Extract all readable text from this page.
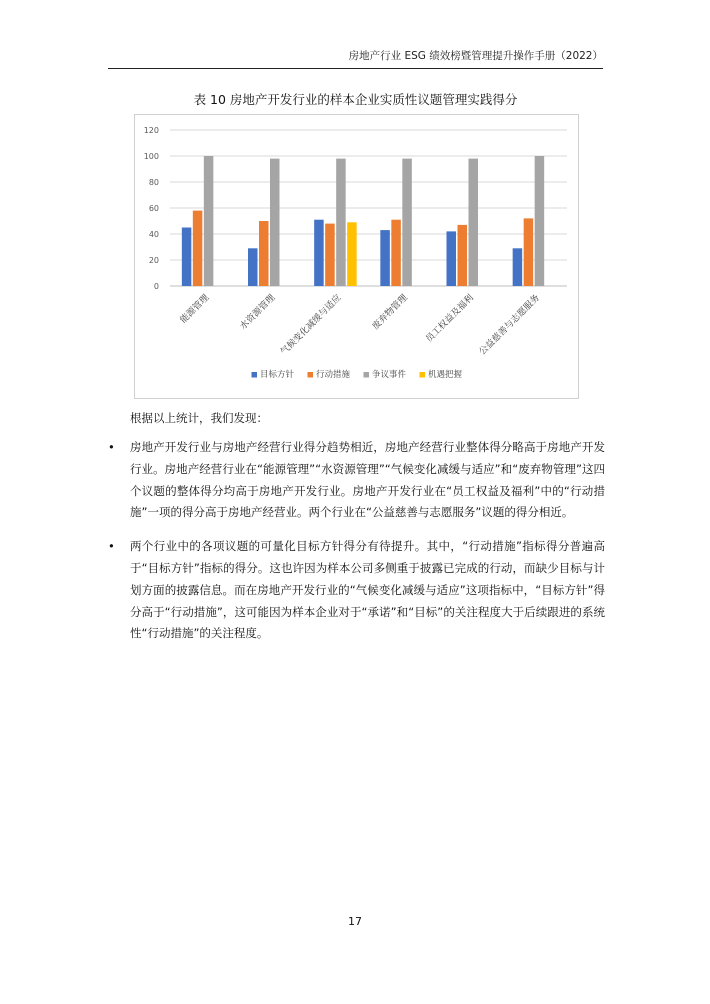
房地产行业 ESG 绩效榜暨管理提升操作手册（2022）
表 10 房地产开发行业的样本企业实质性议题管理实践得分
0
20
40
60
80
100
120
能源管理	水资源管理 气候变化减缓与适应	废弃物管理 员工权益及福利 公益慈善与志愿服务
目标方针	行动措施	争议事件	机遇把握
根据以上统计，我们发现：
• 房地产开发行业与房地产经营行业得分趋势相近，房地产经营行业整体得分略高于房地产开发行业。房地产经营行业在“能源管理”“水资源管理”“气候变化减缓与适应”和“废弃物管理”这四个议题的整体得分均高于房地产开发行业。房地产开发行业在“员工权益及福利”中的“行动措施”一项的得分高于房地产经营业。两个行业在“公益慈善与志愿服务”议题的得分相近。
• 两个行业中的各项议题的可量化目标方针得分有待提升。其中，“行动措施”指标得分普遍高于“目标方针”指标的得分。这也许因为样本公司多侧重于披露已完成的行动，而缺少目标与计划方面的披露信息。而在房地产开发行业的“气候变化减缓与适应”这项指标中，“目标方针”得分高于“行动措施”，这可能因为样本企业对于“承诺”和“目标”的关注程度大于后续跟进的系统性“行动措施”的关注程度。
17
